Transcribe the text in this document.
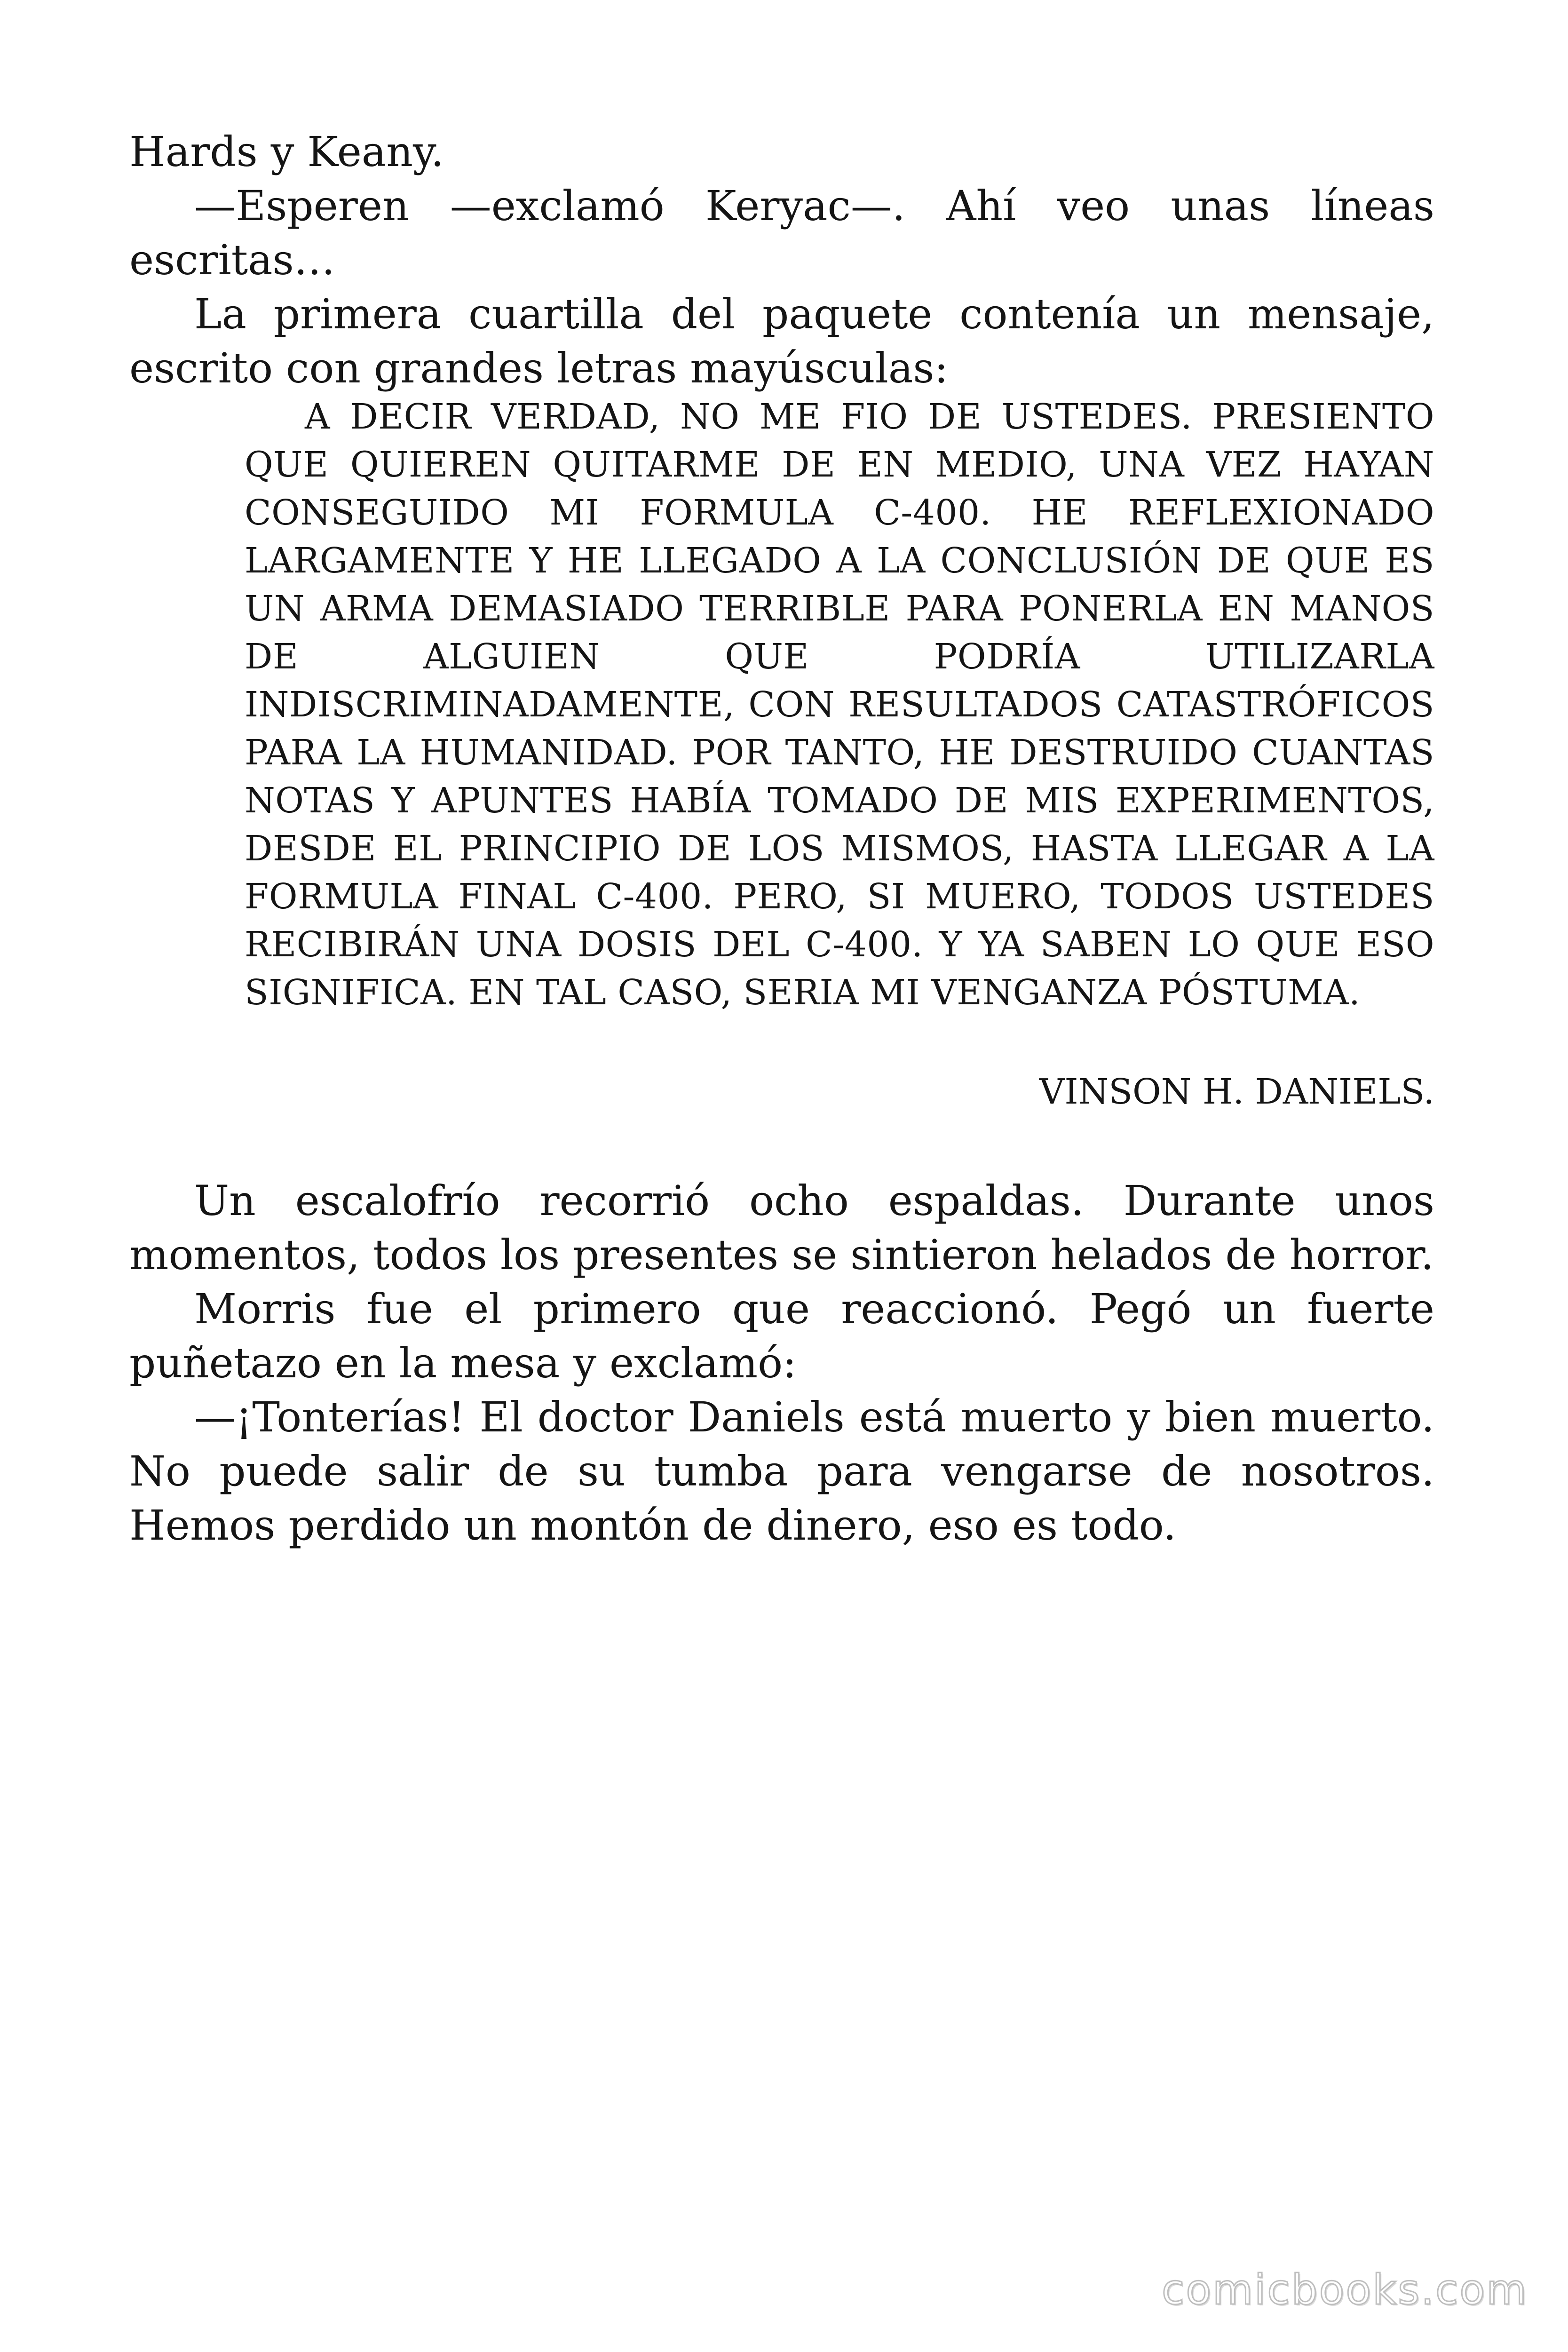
Hards y Keany.

—Esperen —exclamó Keryac—. Ahí veo unas líneas escritas…

La primera cuartilla del paquete contenía un mensaje, escrito con grandes letras mayúsculas:

A DECIR VERDAD, NO ME FIO DE USTEDES. PRESIENTO QUE QUIEREN QUITARME DE EN MEDIO, UNA VEZ HAYAN CONSEGUIDO MI FORMULA C-400. HE REFLEXIONADO LARGAMENTE Y HE LLEGADO A LA CONCLUSIÓN DE QUE ES UN ARMA DEMASIADO TERRIBLE PARA PONERLA EN MANOS DE ALGUIEN QUE PODRÍA UTILIZARLA INDISCRIMINADAMENTE, CON RESULTADOS CATASTRÓFICOS PARA LA HUMANIDAD. POR TANTO, HE DESTRUIDO CUANTAS NOTAS Y APUNTES HABÍA TOMADO DE MIS EXPERIMENTOS, DESDE EL PRINCIPIO DE LOS MISMOS, HASTA LLEGAR A LA FORMULA FINAL C-400. PERO, SI MUERO, TODOS USTEDES RECIBIRÁN UNA DOSIS DEL C-400. Y YA SABEN LO QUE ESO SIGNIFICA. EN TAL CASO, SERIA MI VENGANZA PÓSTUMA.

VINSON H. DANIELS.

Un escalofrío recorrió ocho espaldas. Durante unos momentos, todos los presentes se sintieron helados de horror.

Morris fue el primero que reaccionó. Pegó un fuerte puñetazo en la mesa y exclamó:

—¡Tonterías! El doctor Daniels está muerto y bien muerto. No puede salir de su tumba para vengarse de nosotros. Hemos perdido un montón de dinero, eso es todo.

comicbooks.com
